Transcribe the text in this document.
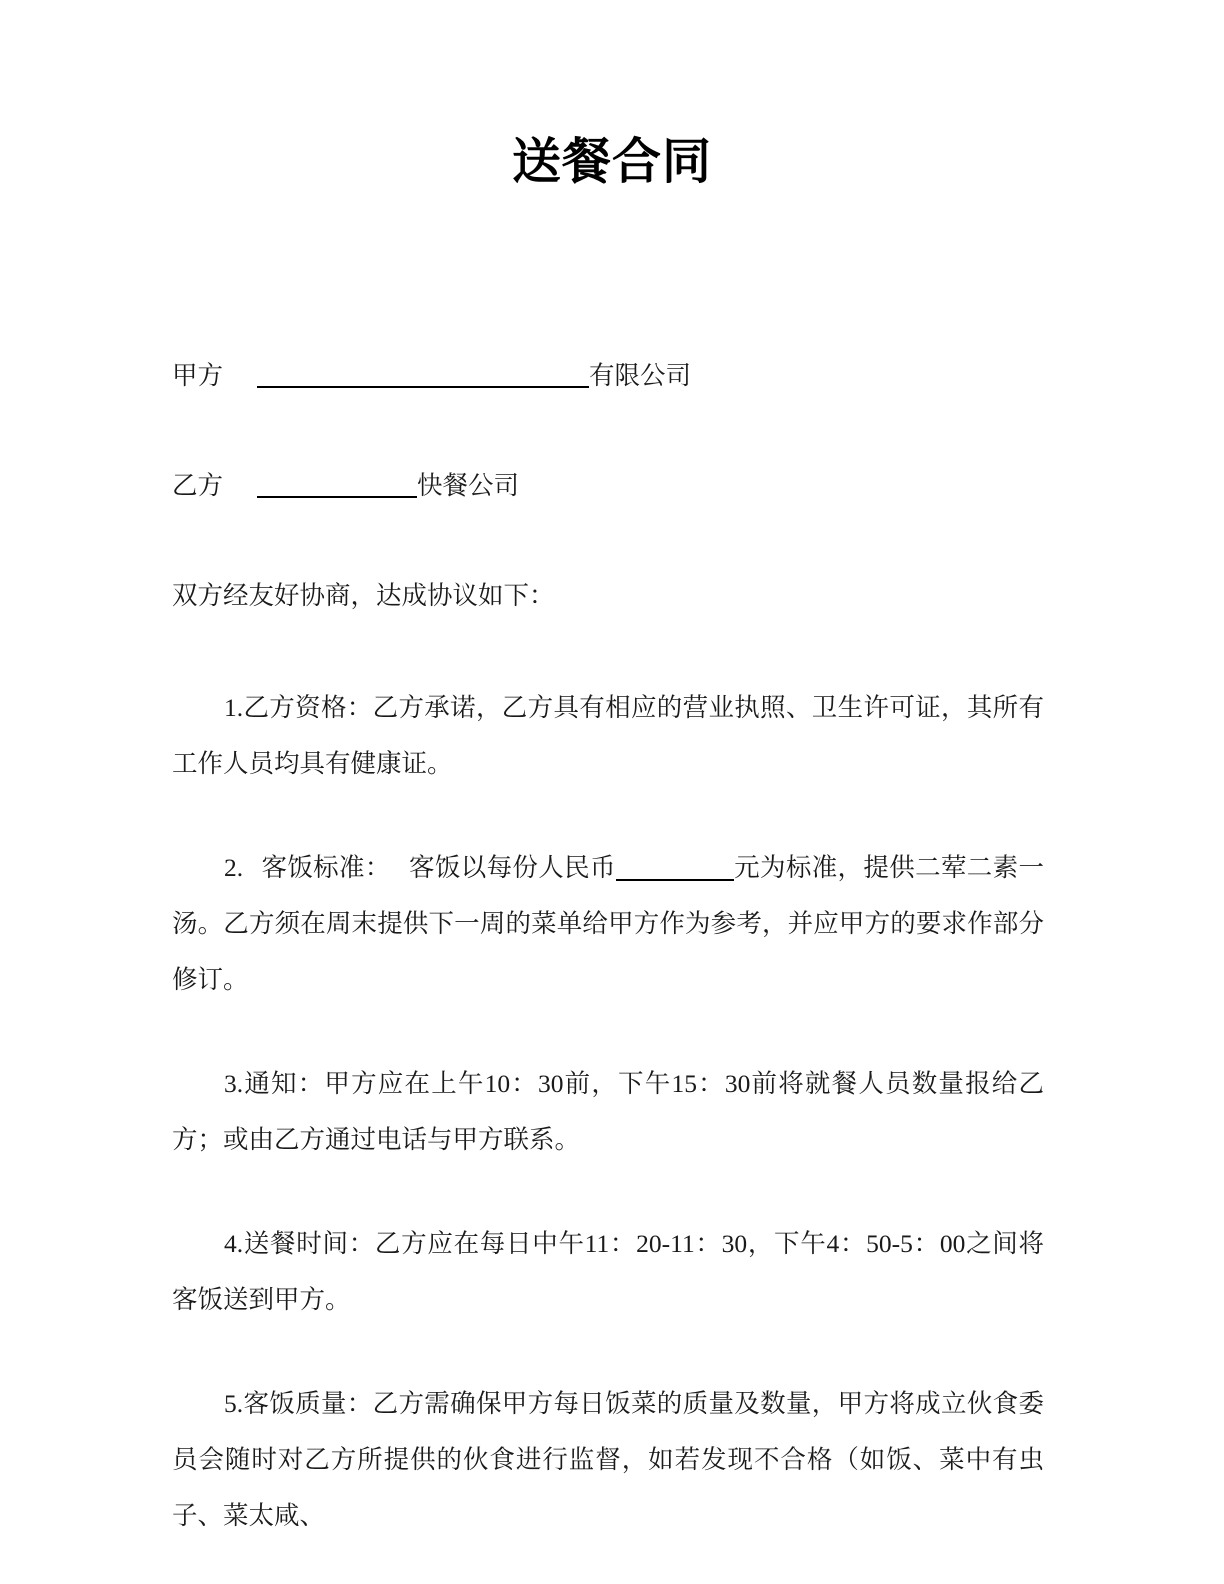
送餐合同

甲方	有限公司

乙方	快餐公司

双方经友好协商，达成协议如下：

1.乙方资格：乙方承诺，乙方具有相应的营业执照、卫生许可证，其所有工作人员均具有健康证。

2. 客饭标准： 客饭以每份人民币	元为标准，提供二荤二素一汤。乙方须在周末提供下一周的菜单给甲方作为参考，并应甲方的要求作部分修订。

3.通知：甲方应在上午10：30前，下午15：30前将就餐人员数量报给乙方；或由乙方通过电话与甲方联系。

4.送餐时间：乙方应在每日中午11：20-11：30，下午4：50-5：00之间将客饭送到甲方。

5.客饭质量：乙方需确保甲方每日饭菜的质量及数量，甲方将成立伙食委员会随时对乙方所提供的伙食进行监督，如若发现不合格（如饭、菜中有虫子、菜太咸、
